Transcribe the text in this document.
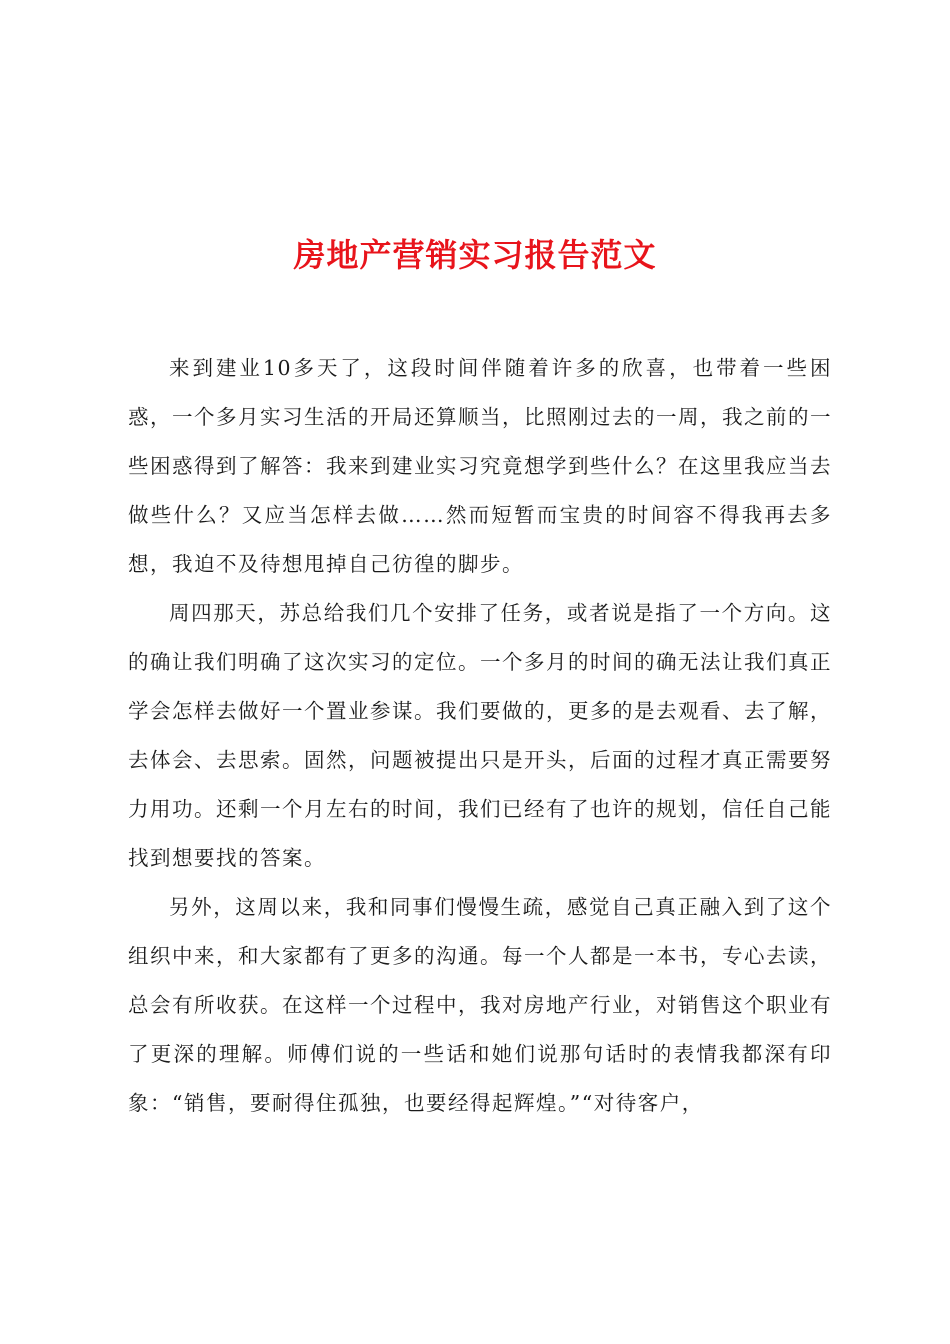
房地产营销实习报告范文

来到建业10多天了，这段时间伴随着许多的欣喜，也带着一些困惑，一个多月实习生活的开局还算顺当，比照刚过去的一周，我之前的一些困惑得到了解答：我来到建业实习究竟想学到些什么？在这里我应当去做些什么？又应当怎样去做……然而短暂而宝贵的时间容不得我再去多想，我迫不及待想甩掉自己彷徨的脚步。

周四那天，苏总给我们几个安排了任务，或者说是指了一个方向。这的确让我们明确了这次实习的定位。一个多月的时间的确无法让我们真正学会怎样去做好一个置业参谋。我们要做的，更多的是去观看、去了解，去体会、去思索。固然，问题被提出只是开头，后面的过程才真正需要努力用功。还剩一个月左右的时间，我们已经有了也许的规划，信任自己能找到想要找的答案。

另外，这周以来，我和同事们慢慢生疏，感觉自己真正融入到了这个组织中来，和大家都有了更多的沟通。每一个人都是一本书，专心去读，总会有所收获。在这样一个过程中，我对房地产行业，对销售这个职业有了更深的理解。师傅们说的一些话和她们说那句话时的表情我都深有印象：“销售，要耐得住孤独，也要经得起辉煌。”“对待客户，
